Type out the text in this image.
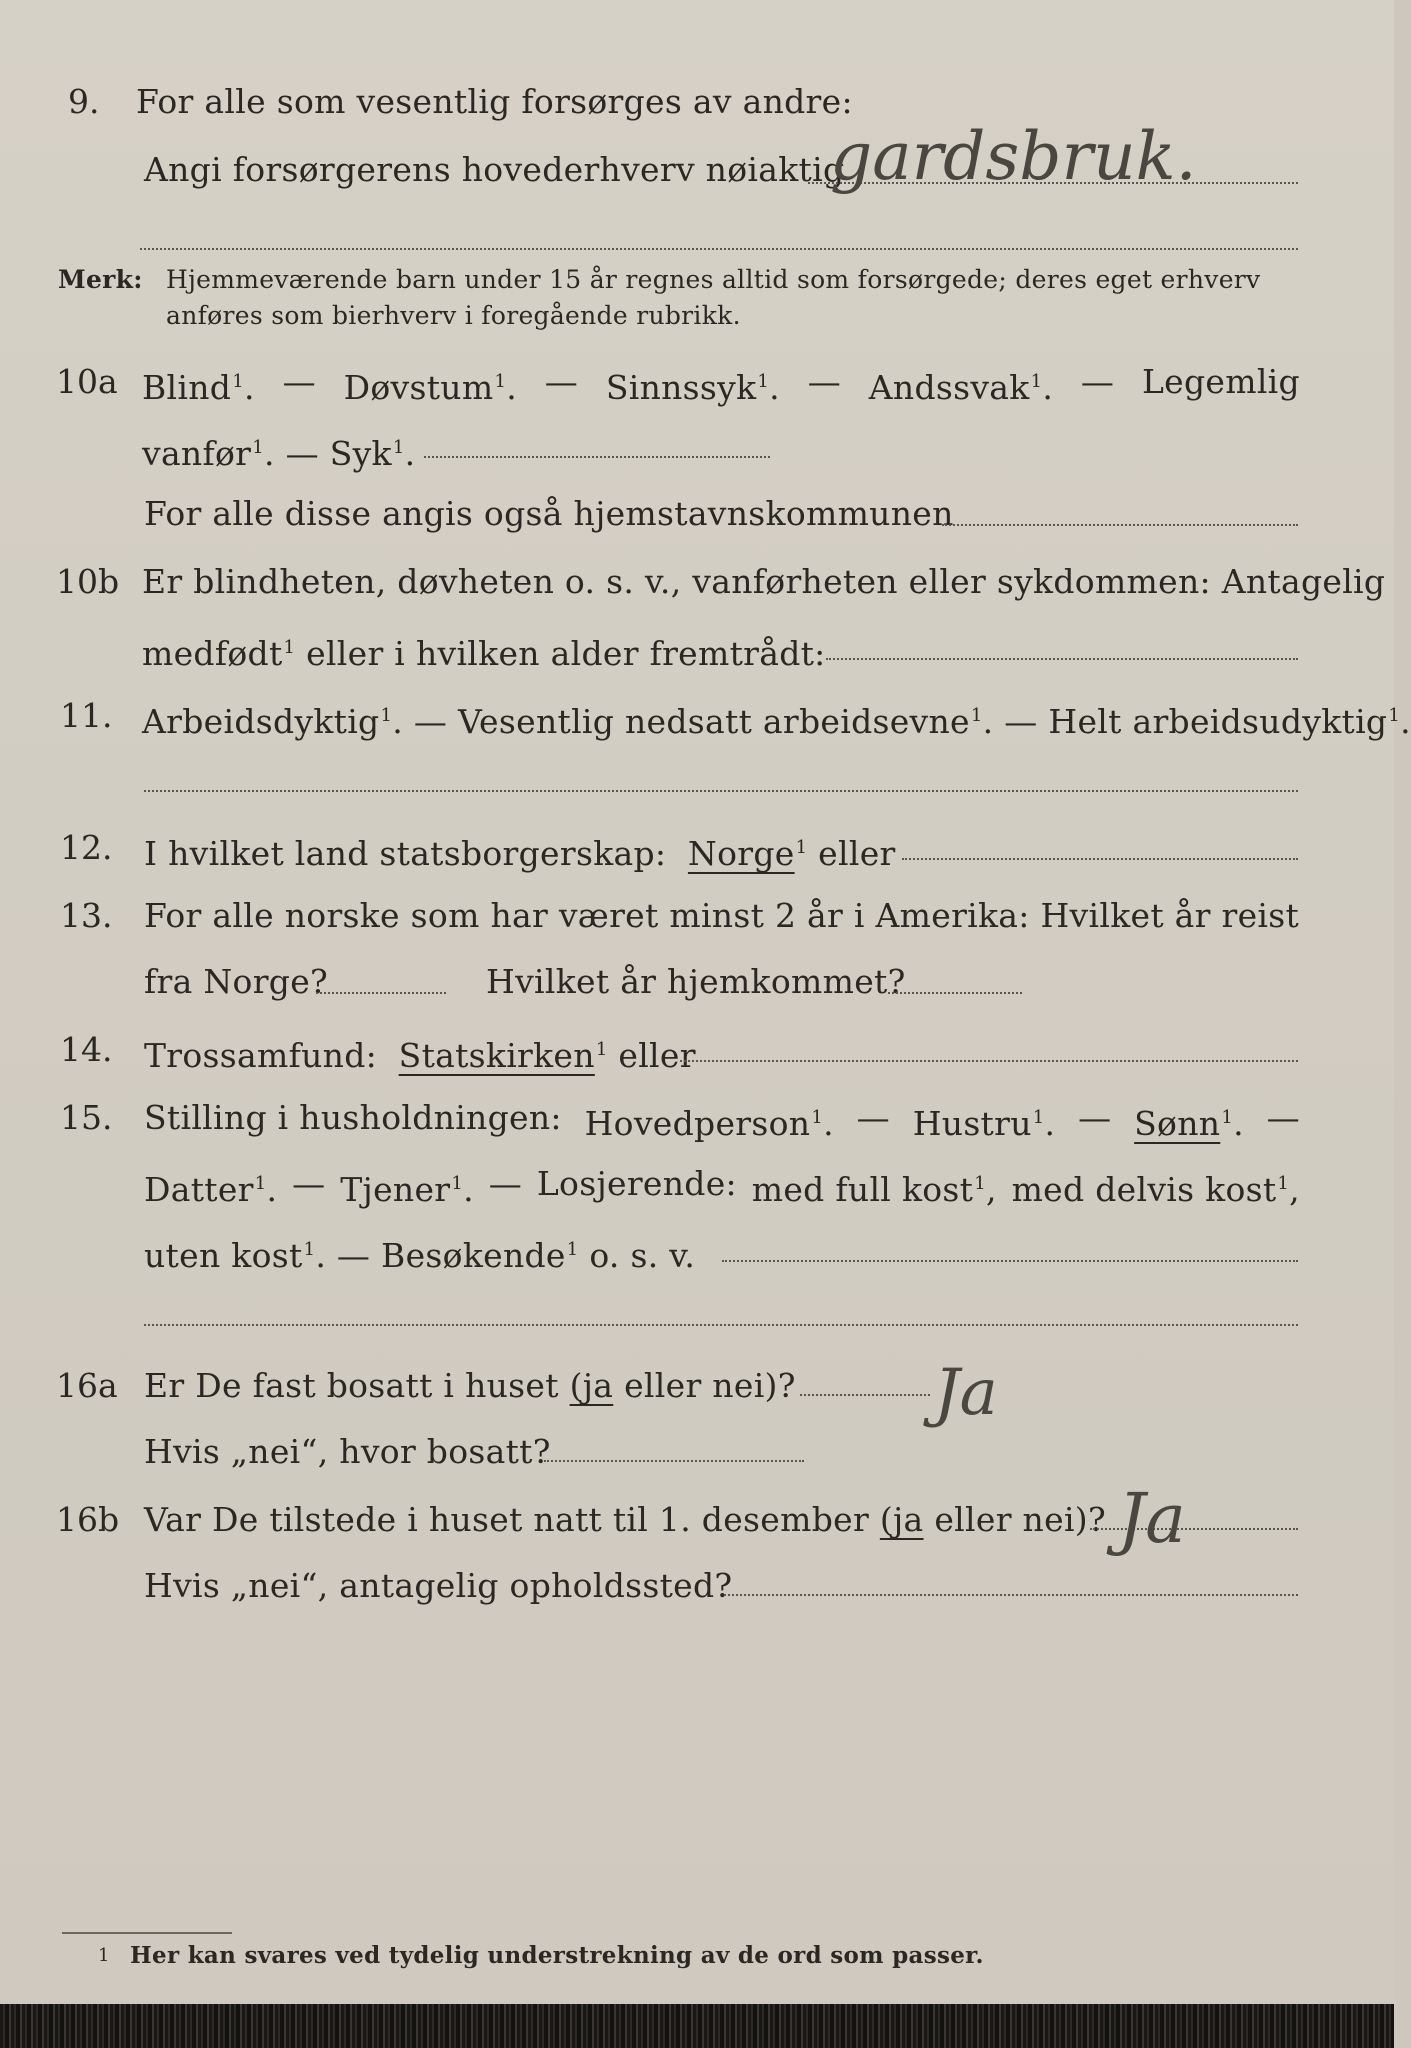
9. For alle som vesentlig forsørges av andre:
Angi forsørgerens hovederhverv nøiaktig
gardsbruk.
Merk: Hjemmeværende barn under 15 år regnes alltid som forsørgede; deres eget erhverv
anføres som bierhverv i foregående rubrikk.
10a Blind$^1$. — Døvstum$^1$. — Sinnssyk$^1$. — Andssvak$^1$. — Legemlig
vanfør$^1$. — Syk$^1$.
For alle disse angis også hjemstavnskommunen
10b Er blindheten, døvheten o. s. v., vanførheten eller sykdommen: Antagelig
medfødt$^1$ eller i hvilken alder fremtrådt:
11. Arbeidsdyktig$^1$. — Vesentlig nedsatt arbeidsevne$^1$. — Helt arbeidsudyktig$^1$.
12. I hvilket land statsborgerskap: Norge$^1$ eller
13. For alle norske som har været minst 2 år i Amerika: Hvilket år reist
fra Norge?	Hvilket år hjemkommet?
14. Trossamfund: Statskirken$^1$ eller
15. Stilling i husholdningen: Hovedperson$^1$. — Hustru$^1$. — Sønn$^1$. —
Datter$^1$. — Tjener$^1$. — Losjerende: med full kost$^1$, med delvis kost$^1$,
uten kost$^1$. — Besøkende$^1$ o. s. v.
16a Er De fast bosatt i huset (ja eller nei)? Ja
Hvis „nei“, hvor bosatt?
16b Var De tilstede i huset natt til 1. desember (ja eller nei)? Ja
Hvis „nei“, antagelig opholdssted?
1 Her kan svares ved tydelig understrekning av de ord som passer.
